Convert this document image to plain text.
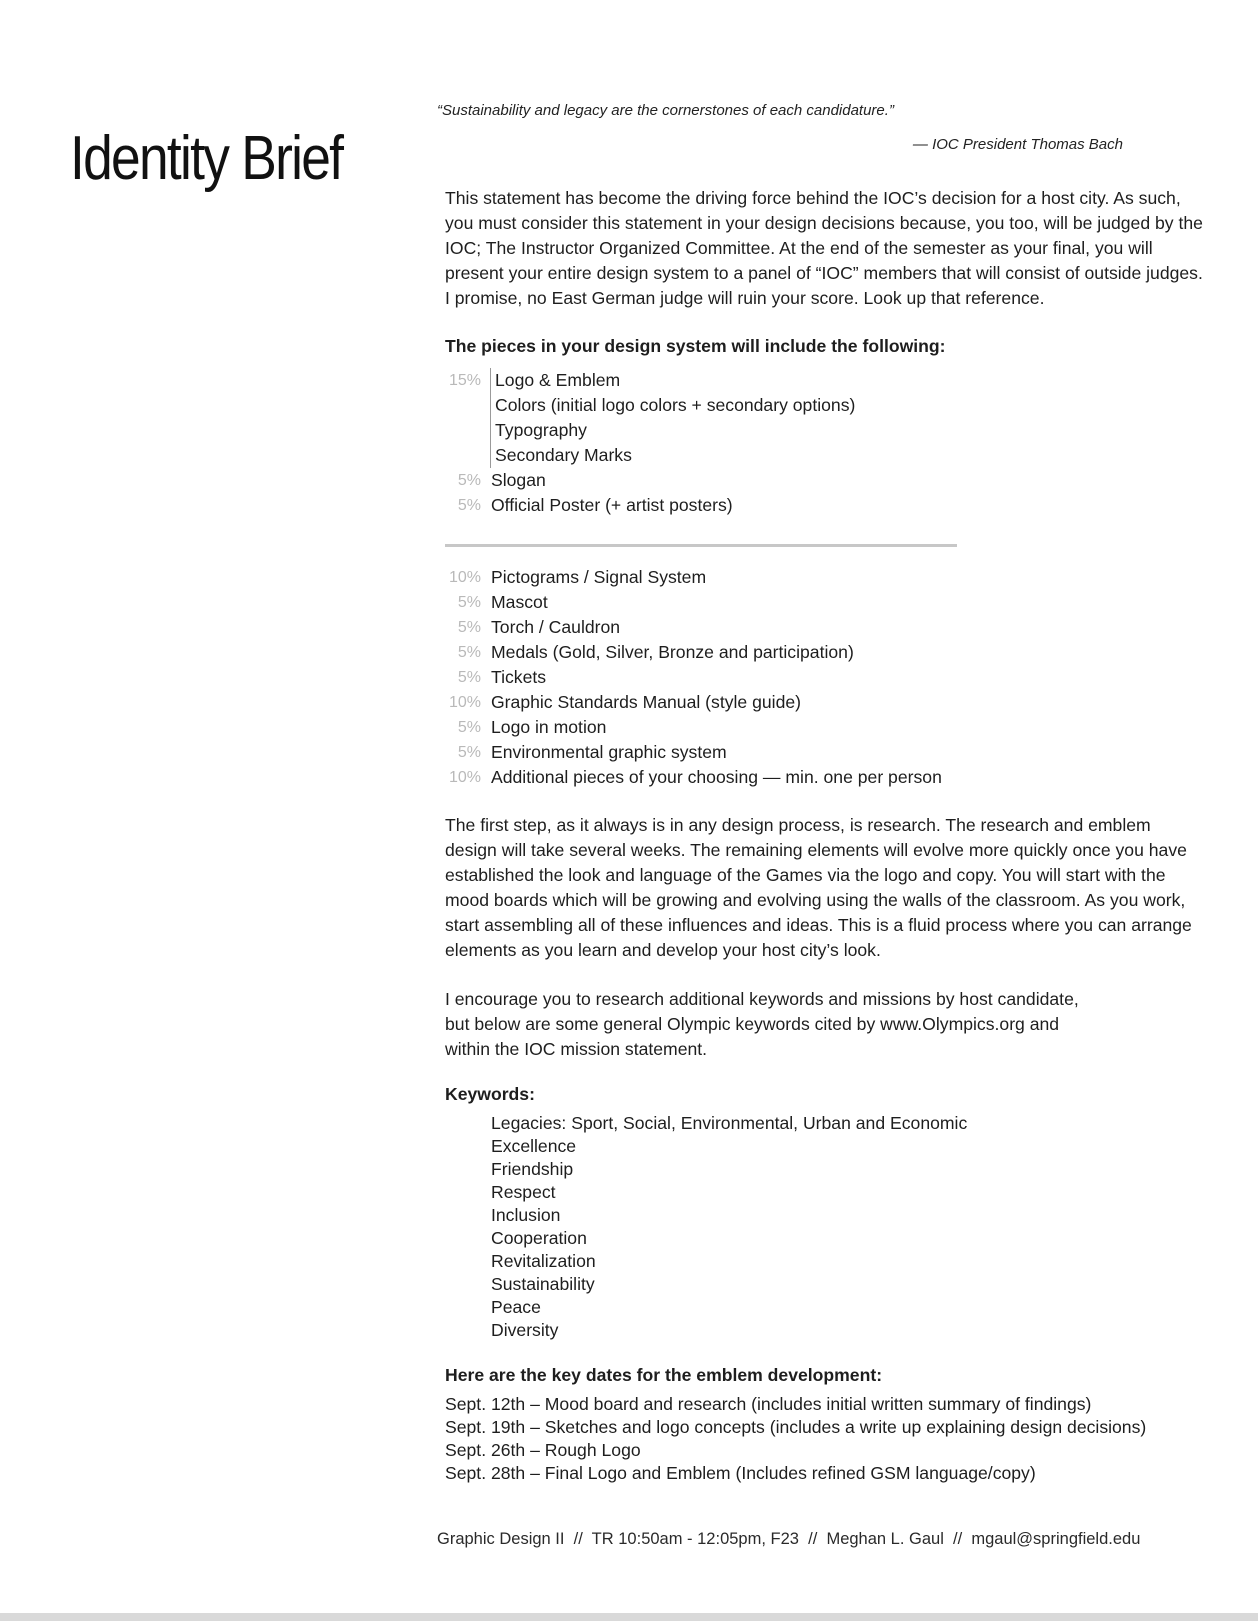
Identity Brief

“Sustainability and legacy are the cornerstones of each candidature.”

— IOC President Thomas Bach

This statement has become the driving force behind the IOC’s decision for a host city. As such, you must consider this statement in your design decisions because, you too, will be judged by the IOC; The Instructor Organized Committee. At the end of the semester as your final, you will present your entire design system to a panel of “IOC” members that will consist of outside judges. I promise, no East German judge will ruin your score. Look up that reference.

The pieces in your design system will include the following:

15% Logo & Emblem
Colors (initial logo colors + secondary options)
Typography
Secondary Marks
5% Slogan
5% Official Poster (+ artist posters)
10% Pictograms / Signal System
5% Mascot
5% Torch / Cauldron
5% Medals (Gold, Silver, Bronze and participation)
5% Tickets
10% Graphic Standards Manual (style guide)
5% Logo in motion
5% Environmental graphic system
10% Additional pieces of your choosing — min. one per person

The first step, as it always is in any design process, is research. The research and emblem design will take several weeks. The remaining elements will evolve more quickly once you have established the look and language of the Games via the logo and copy. You will start with the mood boards which will be growing and evolving using the walls of the classroom. As you work, start assembling all of these influences and ideas. This is a fluid process where you can arrange elements as you learn and develop your host city’s look.

I encourage you to research additional keywords and missions by host candidate,
but below are some general Olympic keywords cited by www.Olympics.org and
within the IOC mission statement.

Keywords:

Legacies: Sport, Social, Environmental, Urban and Economic
Excellence
Friendship
Respect
Inclusion
Cooperation
Revitalization
Sustainability
Peace
Diversity

Here are the key dates for the emblem development:

Sept. 12th – Mood board and research (includes initial written summary of findings)
Sept. 19th – Sketches and logo concepts (includes a write up explaining design decisions)
Sept. 26th – Rough Logo
Sept. 28th – Final Logo and Emblem (Includes refined GSM language/copy)

Graphic Design II  //  TR 10:50am - 12:05pm, F23  //  Meghan L. Gaul  //  mgaul@springfield.edu
